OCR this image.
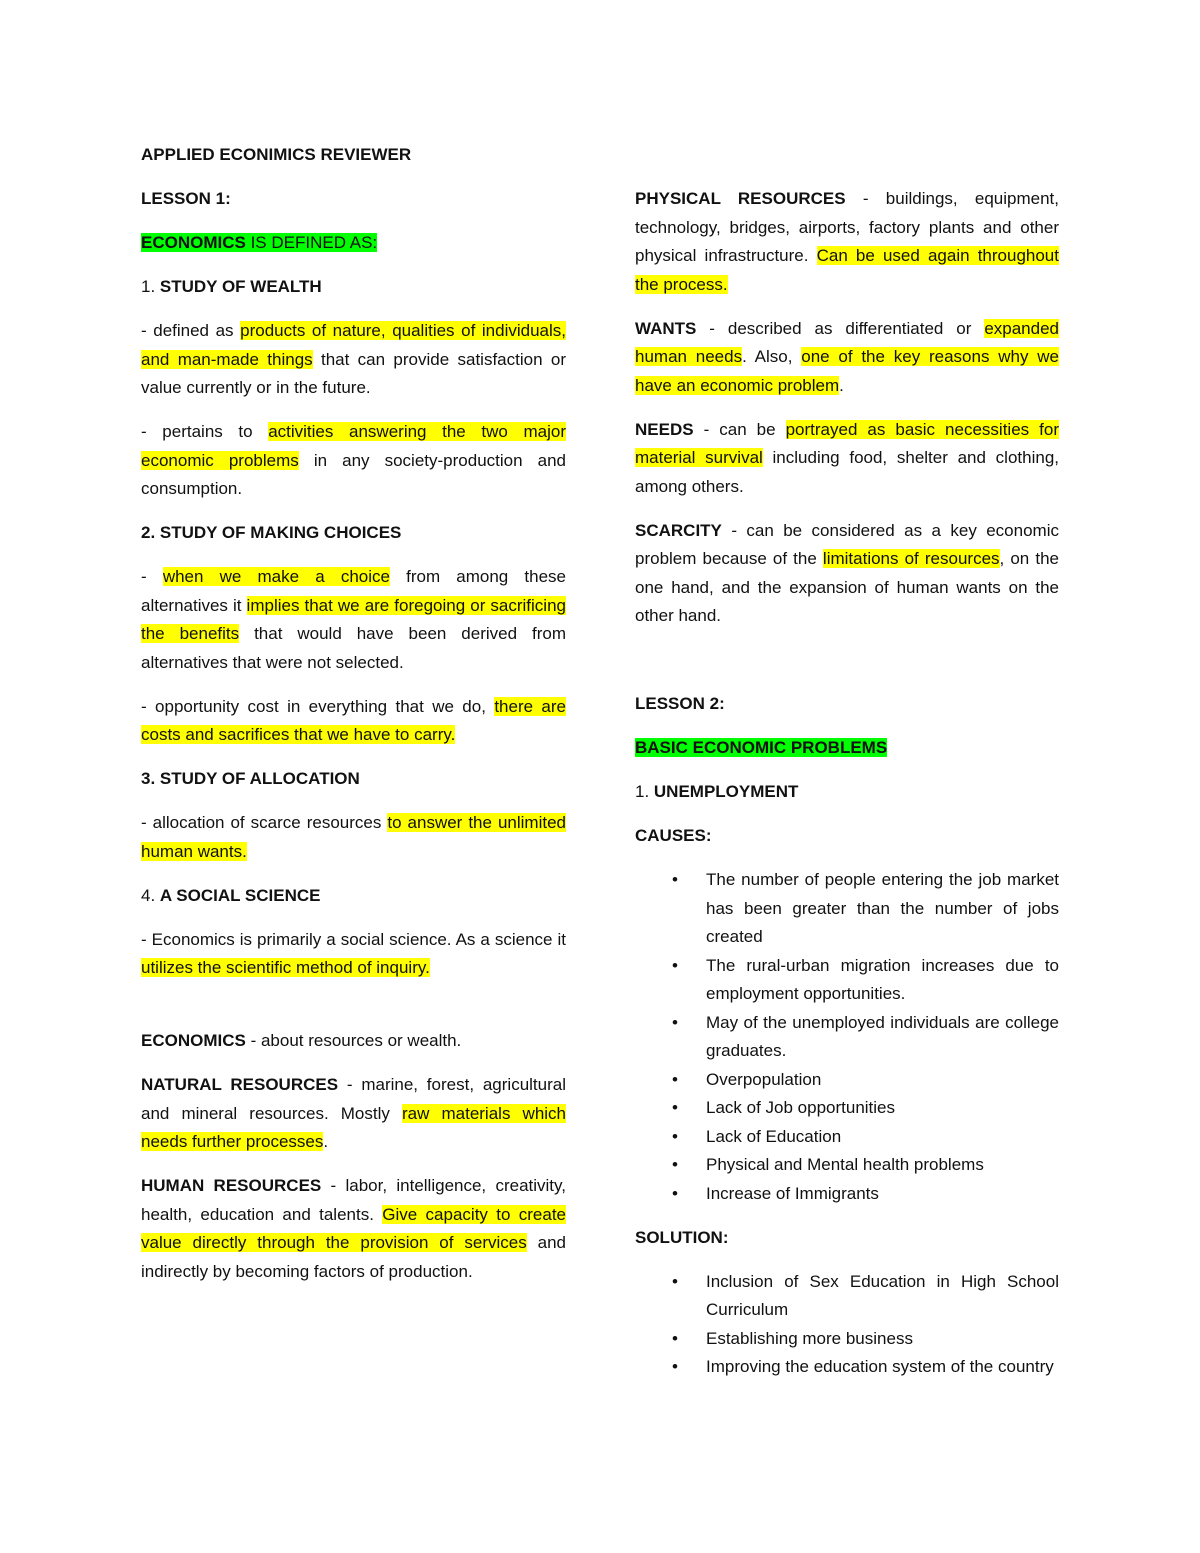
APPLIED ECONIMICS REVIEWER

LESSON 1:

ECONOMICS IS DEFINED AS:

1. STUDY OF WEALTH

- defined as products of nature, qualities of individuals, and man-made things that can provide satisfaction or value currently or in the future.

- pertains to activities answering the two major economic problems in any society-production and consumption.

2. STUDY OF MAKING CHOICES

- when we make a choice from among these alternatives it implies that we are foregoing or sacrificing the benefits that would have been derived from alternatives that were not selected.

- opportunity cost in everything that we do, there are costs and sacrifices that we have to carry.

3. STUDY OF ALLOCATION

- allocation of scarce resources to answer the unlimited human wants.

4. A SOCIAL SCIENCE

- Economics is primarily a social science. As a science it utilizes the scientific method of inquiry.

ECONOMICS - about resources or wealth.

NATURAL RESOURCES - marine, forest, agricultural and mineral resources. Mostly raw materials which needs further processes.

HUMAN RESOURCES - labor, intelligence, creativity, health, education and talents. Give capacity to create value directly through the provision of services and indirectly by becoming factors of production.

PHYSICAL RESOURCES - buildings, equipment, technology, bridges, airports, factory plants and other physical infrastructure. Can be used again throughout the process.

WANTS - described as differentiated or expanded human needs. Also, one of the key reasons why we have an economic problem.

NEEDS - can be portrayed as basic necessities for material survival including food, shelter and clothing, among others.

SCARCITY - can be considered as a key economic problem because of the limitations of resources, on the one hand, and the expansion of human wants on the other hand.

LESSON 2:

BASIC ECONOMIC PROBLEMS

1. UNEMPLOYMENT

CAUSES:

• The number of people entering the job market has been greater than the number of jobs created
• The rural-urban migration increases due to employment opportunities.
• May of the unemployed individuals are college graduates.
• Overpopulation
• Lack of Job opportunities
• Lack of Education
• Physical and Mental health problems
• Increase of Immigrants

SOLUTION:

• Inclusion of Sex Education in High School Curriculum
• Establishing more business
• Improving the education system of the country
